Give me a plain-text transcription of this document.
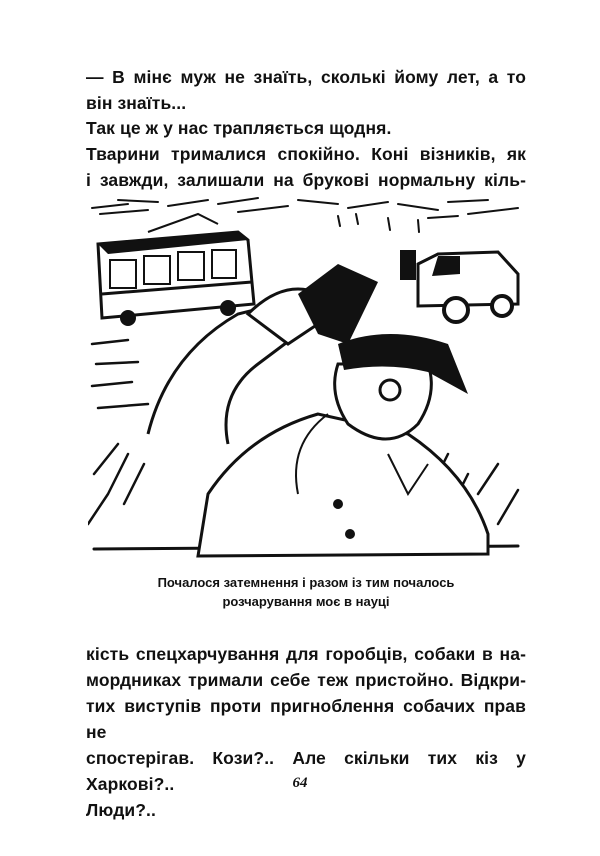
— В мінє муж не знаїть, сколькі йому лет, а то
він знаїть...
Так це ж у нас трапляється щодня.
Тварини трималися спокійно. Коні візників, як
і завжди, залишали на брукові нормальну кіль-
Почалося затемнення і разом із тим почалось
розчарування моє в науці
кість спецхарчування для горобців, собаки в на-
мордниках тримали себе теж пристойно. Відкри-
тих виступів проти пригноблення собачих прав не
спостерігав. Кози?.. Але скільки тих кіз у Харкові?..
Люди?..
64
